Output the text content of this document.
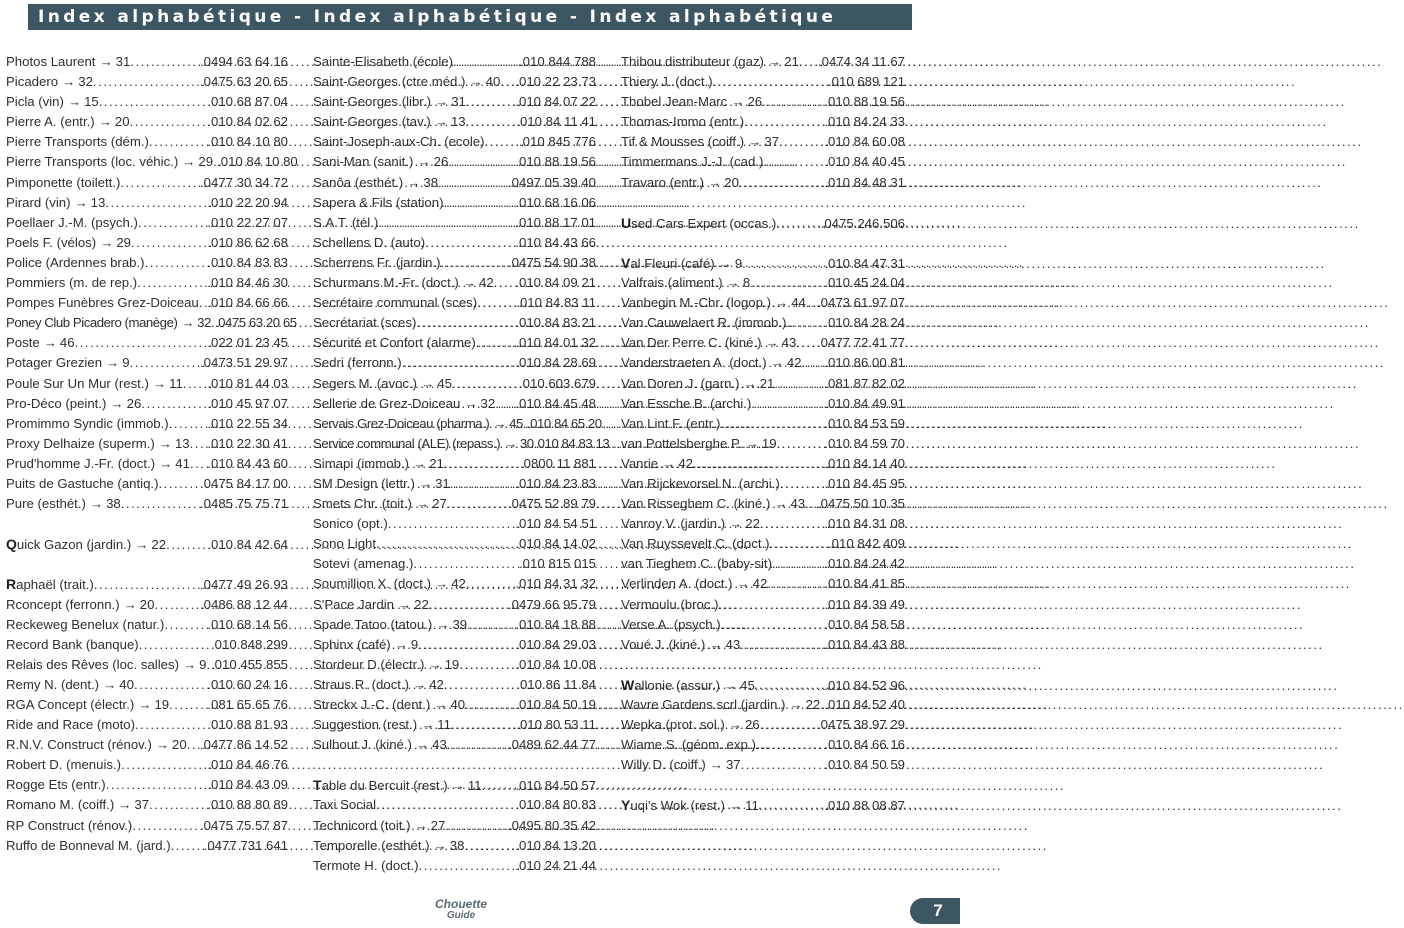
Index alphabétique - Index alphabétique - Index alphabétique
Photos Laurent → 31 .....	.0494 63 64 16
Picadero → 32 .....	.0475 63 20 65
Picla (vin) → 15 .....	.010 68 87 04
Pierre A. (entr.) → 20 .....	.010 84 02 62
Pierre Transports (dém.) .....	.010 84 10 80
Pierre Transports (loc. véhic.) → 29 ..... .010 84 10 80
Pimponette (toilett.) .....	.0477 30 34 72
Pirard (vin) → 13 .....	.010 22 20 94
Poellaer J.-M. (psych.) .....	.010 22 27 07
Poels F. (vélos) → 29 .....	.010 86 62 68
Police (Ardennes brab.) .....	.010 84 83 83
Pommiers (m. de rep.) .....	.010 84 46 30
Pompes Funèbres Grez-Doiceau ..... .010 84 66 66
Poney Club Picadero (manège) → 32 ..... .0475 63 20 65
Poste → 46 .....	.022 01 23 45
Potager Grezien → 9 .....	.0473 51 29 97
Poule Sur Un Mur (rest.) → 11 ..... .010 81 44 03
Pro-Déco (peint.) → 26 .....	.010 45 97 07
Promimmo Syndic (immob.) .....	.010 22 55 34
Proxy Delhaize (superm.) → 13 ..... .010 22 30 41
Prud'homme J.-Fr. (doct.) → 41 ..... .010 84 43 60
Puits de Gastuche (antiq.) .....	.0475 84 17 00
Pure (esthét.) → 38 .....	.0485 75 75 71
Quick Gazon (jardin.) → 22 .....	.010 84 42 64
Raphaël (trait.) .....	.0477 49 26 93
Rconcept (ferronn.) → 20 .....	.0486 88 12 44
Reckeweg Benelux (natur.) .....	.010 68 14 56
Record Bank (banque) .....	.010 848 299
Relais des Rêves (loc. salles) → 9 ..... .010 455 855
Remy N. (dent.) → 40 .....	.010 60 24 16
RGA Concept (électr.) → 19 .....	.081 65 65 76
Ride and Race (moto) .....	.010 88 81 93
R.N.V. Construct (rénov.) → 20 ..... .0477 86 14 52
Robert D. (menuis.) .....	.010 84 46 76
Rogge Ets (entr.) .....	.010 84 43 09
Romano M. (coiff.) → 37 .....	.010 88 80 89
RP Construct (rénov.) .....	.0475 75 57 87
Ruffo de Bonneval M. (jard.) ..... .0477 731 641
Sainte-Elisabeth (école) .....	.010 844 788
Saint-Georges (ctre méd.) → 40 ..... .010 22 23 73
Saint-Georges (libr.) → 31 .....	.010 84 07 22
Saint-Georges (tav.) → 13 .....	.010 84 11 41
Saint-Joseph-aux-Ch. (ecole) .....	.010 845 776
Sani-Man (sanit.) → 26 .....	.010 88 19 56
Sanôa (esthét.) → 38 .....	.0497 05 39 40
Sapera & Fils (station) .....	.010 68 16 06
S.A.T. (tél.) .....	.010 88 17 01
Schellens D. (auto) .....	.010 84 43 66
Scherrens Fr. (jardin.) .....	.0475 54 90 38
Schurmans M.-Fr. (doct.) → 42 ..... .010 84 09 21
Secrétaire communal (sces) .....	.010 84 83 11
Secrétariat (sces) .....	.010 84 83 21
Sécurité et Confort (alarme) .....	.010 84 01 32
Sedri (ferronn.) .....	.010 84 28 69
Segers M. (avoc.) → 45 .....	.010 603 679
Sellerie de Grez-Doiceau → 32 ..... .010 84 45 48
Servais Grez-Doiceau (pharma.) → 45 ..... .010 84 65 20
Service communal (ALE) (repass.) → 30 ..... 010 84 83 13
Simapi (immob.) → 21 .....	.0800 11 881
SM Design (lettr.) → 31 .....	.010 84 23 83
Smets Chr. (toit.) → 27 .....	.0475 52 89 79
Sonico (opt.) .....	.010 84 54 51
Sono Light .....	.010 84 14 02
Sotevi (amenag.) .....	.010 815 015
Soumillion X. (doct.) → 42 .....	.010 84 31 32
S'Pace Jardin → 22 .....	.0479 66 95 79
Spade Tatoo (tatou.) → 39 .....	.010 84 18 88
Sphinx (café) → 9 .....	.010 84 29 03
Stordeur D (électr.) → 19 .....	.010 84 10 08
Straus R. (doct.) → 42 .....	.010 86 11 84
Streckx J.-C. (dent.) → 40 .....	.010 84 50 19
Suggestion (rest.) → 11 .....	.010 80 53 11
Sulbout J. (kiné.) → 43 .....	.0489 62 44 77
Table du Bercuit (rest.) → 11 .....	.010 84 50 57
Taxi Social .....	.010 84 80 83
Technicord (toit.) → 27 .....	.0495 80 35 42
Temporelle (esthét.) → 38 .....	.010 84 13 20
Termote H. (doct.) .....	.010 24 21 44
Thibou distributeur (gaz) → 21 ..... .0474 34 11 67
Thiery J. (doct.) .....	.010 689 121
Thobel Jean-Marc → 26 .....	.010 88 19 56
Thomas-Immo (entr.) .....	.010 84 24 33
Tif & Mousses (coiff.) → 37 .....	.010 84 60 08
Timmermans J.-J. (cad.) .....	.010 84 40 45
Travaro (entr.) → 20 .....	.010 84 48 31
Used Cars Expert (occas.) .....	.0475 246 506
Val Fleuri (café) → 9 .....	.010 84 47 31
Valfrais (aliment.) → 8 .....	.010 45 24 04
Vanbegin M.-Chr. (logop.) → 44 ..... .0473 61 97 07
Van Cauwelaert R. (immob.) .....	.010 84 28 24
Van Der Perre C. (kiné.) → 43 ..... .0477 72 41 77
Vanderstraeten A. (doct.) → 42 ..... .010 86 00 81
Van Doren J. (garn.) → 21 .....	.081 87 82 02
Van Essche B. (archi.) .....	.010 84 49 91
Van Lint F. (entr.) .....	.010 84 53 59
van Pottelsberghe P. → 19 .....	.010 84 59 70
Vanrie → 42 .....	.010 84 14 40
Van Rijckevorsel N. (archi.) .....	.010 84 45 95
Van Risseghem C. (kiné.) → 43 ..... .0475 50 10 35
Vanroy V. (jardin.) → 22 .....	.010 84 31 08
Van Ruyssevelt C. (doct.) .....	.010 842 409
van Tieghem C. (baby-sit) .....	.010 84 24 42
Verlinden A. (doct.) → 42 .....	.010 84 41 85
Vermoulu (broc.) .....	.010 84 39 49
Verse A. (psych.) .....	.010 84 58 58
Voué J. (kiné.) → 43 .....	.010 84 43 88
Wallonie (assur.) → 45 .....	.010 84 52 96
Wavre Gardens scrl (jardin.) → 22 ..... .010 84 52 40
Wepka (prot. sol.) → 26 .....	.0475 38 97 29
Wiame S. (géom. exp.) .....	.010 84 66 16
Willy D. (coiff.) → 37 .....	.010 84 50 59
Yuqi's Wok (rest.) → 11 .....	.010 88 08 87
Chouette
Guide	7
